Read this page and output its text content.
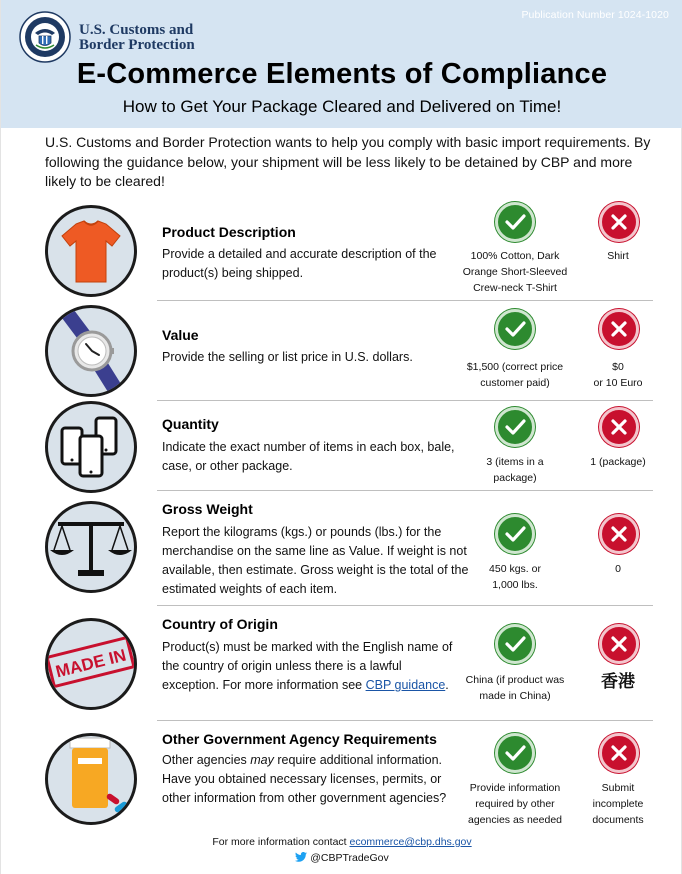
Publication Number 1024-1020
U.S. Customs and
Border Protection
E-Commerce Elements of Compliance
How to Get Your Package Cleared and Delivered on Time!
U.S. Customs and Border Protection wants to help you comply with basic import requirements. By following the guidance below, your shipment will be less likely to be detained by CBP and more likely to be cleared!
Product Description
Provide a detailed and accurate description of the product(s) being shipped.
100% Cotton, Dark Orange Short-Sleeved Crew-neck T-Shirt
Shirt
Value
Provide the selling or list price in U.S. dollars.
$1,500 (correct price customer paid)
$0
or 10 Euro
Quantity
Indicate the exact number of items in each box, bale, case, or other package.	3 (items in a package)
1 (package)
Gross Weight
Report the kilograms (kgs.) or pounds (lbs.) for the merchandise on the same line as Value. If weight is not available, then estimate. Gross weight is the total of the estimated weights of each item.
450 kgs. or
1,000 lbs.
0
MADE IN
Country of Origin
Product(s) must be marked with the English name of the country of origin unless there is a lawful exception. For more information see CBP guidance.	China (if product was made in China)
香港
Other Government Agency Requirements
Other agencies may require additional information. Have you obtained necessary licenses, permits, or other information from other government agencies?
Provide information required by other agencies as needed
Submit incomplete documents
For more information contact ecommerce@cbp.dhs.gov
@CBPTradeGov
